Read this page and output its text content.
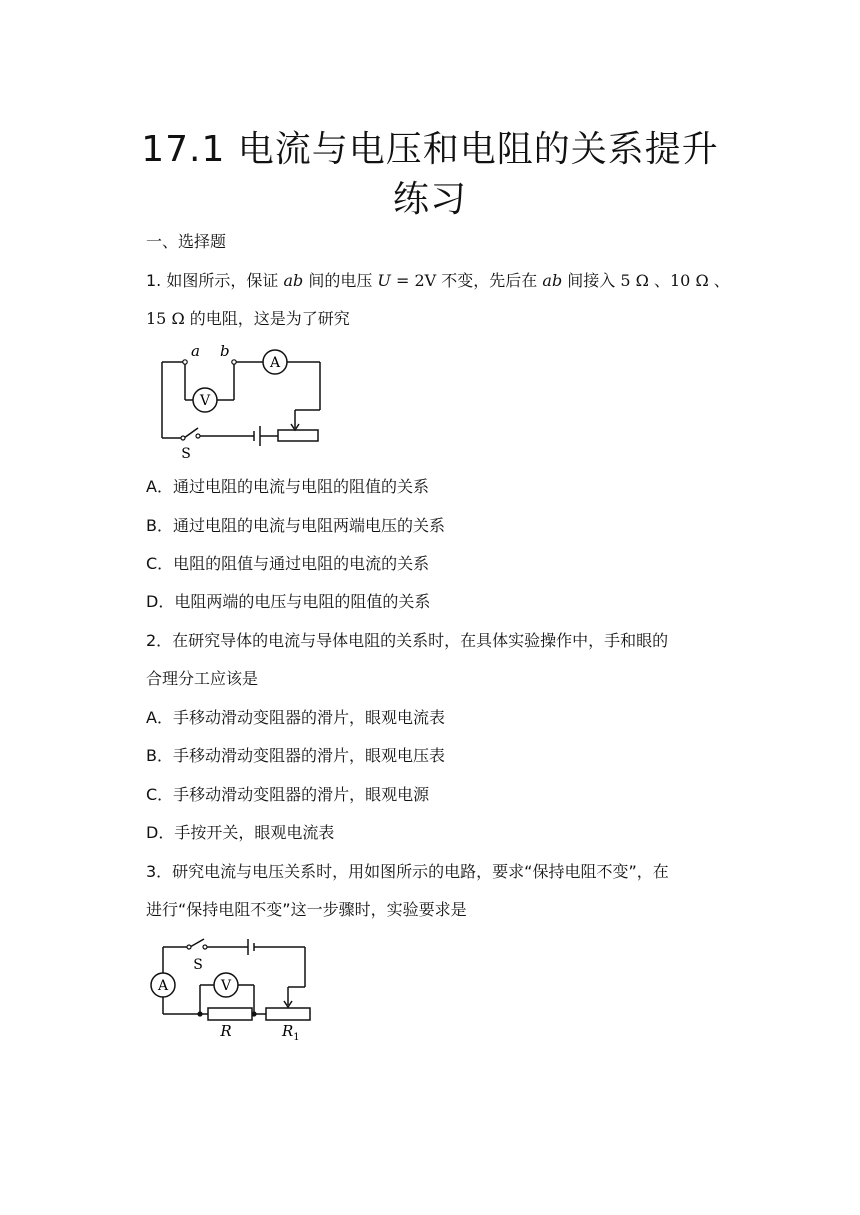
17.1 电流与电压和电阻的关系提升
练习
一、选择题
1. 如图所示，保证 ab 间的电压 U = 2V 不变，先后在 ab 间接入 5 Ω 、10 Ω 、
15 Ω 的电阻，这是为了研究
a b
A
V
S
A．通过电阻的电流与电阻的阻值的关系
B．通过电阻的电流与电阻两端电压的关系
C．电阻的阻值与通过电阻的电流的关系
D．电阻两端的电压与电阻的阻值的关系
2．在研究导体的电流与导体电阻的关系时，在具体实验操作中，手和眼的
合理分工应该是
A．手移动滑动变阻器的滑片，眼观电流表
B．手移动滑动变阻器的滑片，眼观电压表
C．手移动滑动变阻器的滑片，眼观电源
D．手按开关，眼观电流表
3．研究电流与电压关系时，用如图所示的电路，要求“保持电阻不变”，在
进行“保持电阻不变”这一步骤时，实验要求是
S
A	V
R	$R_1$
